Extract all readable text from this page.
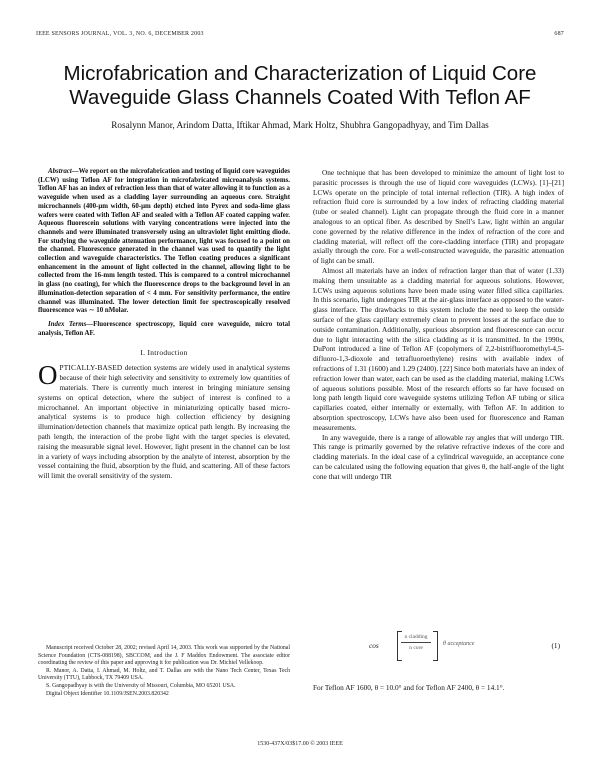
IEEE SENSORS JOURNAL, VOL. 3, NO. 6, DECEMBER 2003	687
Microfabrication and Characterization of Liquid Core
Waveguide Glass Channels Coated With Teflon AF
Rosalynn Manor, Arindom Datta, Iftikar Ahmad, Mark Holtz, Shubhra Gangopadhyay, and Tim Dallas

Abstract—We report on the microfabrication and testing of liquid core waveguides (LCW) using Teflon AF for integration in microfabricated microanalysis systems. Teflon AF has an index of refraction less than that of water allowing it to function as a waveguide when used as a cladding layer surrounding an aqueous core. Straight microchannels (400-μm width, 60-μm depth) etched into Pyrex and soda-lime glass wafers were coated with Teflon AF and sealed with a Teflon AF coated capping wafer. Aqueous fluorescein solutions with varying concentrations were injected into the channels and were illuminated transversely using an ultraviolet light emitting diode. For studying the waveguide attenuation performance, light was focused to a point on the channel. Fluorescence generated in the channel was used to quantify the light collection and waveguide characteristics. The Teflon coating produces a significant enhancement in the amount of light collected in the channel, allowing light to be collected from the 16-mm length tested. This is compared to a control microchannel in glass (no coating), for which the fluorescence drops to the background level in an illumination-detection separation of < 4 mm. For sensitivity performance, the entire channel was illuminated. The lower detection limit for spectroscopically resolved fluorescence was ∼ 10 nMolar.

Index Terms—Fluorescence spectroscopy, liquid core waveguide, micro total analysis, Teflon AF.

I. Introduction

OPTICALLY-BASED detection systems are widely used in analytical systems because of their high selectivity and sensitivity to extremely low quantities of materials. There is currently much interest in bringing miniature sensing systems on optical detection, where the subject of interest is confined to a microchannel. An important objective in miniaturizing optically based micro-analytical systems is to produce high collection efficiency by designing illumination/detection channels that maximize optical path length. By increasing the path length, the interaction of the probe light with the target species is elevated, raising the measurable signal level. However, light present in the channel can be lost in a variety of ways including absorption by the analyte of interest, absorption by the vessel containing the fluid, absorption by the fluid, and scattering. All of these factors will limit the overall sensitivity of the system.

Manuscript received October 28, 2002; revised April 14, 2003. This work was supported by the National Science Foundation (CTS-088198), SBCCOM, and the J. F Maddox Endowment. The associate editor coordinating the review of this paper and approving it for publication was Dr. Michiel Vellekoop.

R. Manor, A. Datta, I. Ahmad, M. Holtz, and T. Dallas are with the Nano Tech Center, Texas Tech University (TTU), Lubbock, TX 79409 USA.

S. Gangopadhyay is with the University of Missouri, Columbia, MO 65201 USA.

Digital Object Identifier 10.1109/JSEN.2003.820342

One technique that has been developed to minimize the amount of light lost to parasitic processes is through the use of liquid core waveguides (LCWs). [1]–[21] LCWs operate on the principle of total internal reflection (TIR). A high index of refraction fluid core is surrounded by a low index of refracting cladding material (tube or sealed channel). Light can propagate through the fluid core in a manner analogous to an optical fiber. As described by Snell’s Law, light within an angular cone governed by the relative difference in the index of refraction of the core and cladding material, will reflect off the core-cladding interface (TIR) and propagate axially through the core. For a well-constructed waveguide, the parasitic attenuation of light can be small.

Almost all materials have an index of refraction larger than that of water (1.33) making them unsuitable as a cladding material for aqueous solutions. However, LCWs using aqueous solutions have been made using water filled silica capillaries. In this scenario, light undergoes TIR at the air-glass interface as opposed to the water-glass interface. The drawbacks to this system include the need to keep the outside surface of the glass capillary extremely clean to prevent losses at the surface due to outside contamination. Additionally, spurious absorption and fluorescence can occur due to light interacting with the silica cladding as it is transmitted. In the 1990s, DuPont introduced a line of Teflon AF (copolymers of 2,2-bistrifluoromethyl-4,5-difluoro-1,3-dioxole and tetrafluoroethylene) resins with available index of refractions of 1.31 (1600) and 1.29 (2400). [22] Since both materials have an index of refraction lower than water, each can be used as the cladding material, making LCWs of aqueous solutions possible. Most of the research efforts so far have focused on long path length liquid core waveguide systems utilizing Teflon AF tubing or silica capillaries coated, either internally or externally, with Teflon AF. In addition to absorption spectroscopy, LCWs have also been used for fluorescence and Raman measurements.

In any waveguide, there is a range of allowable ray angles that will undergo TIR. This range is primarily governed by the relative refractive indexes of the core and cladding materials. In the ideal case of a cylindrical waveguide, an acceptance cone can be calculated using the following equation that gives θ, the half-angle of the light cone that will undergo TIR

cos
n cladding
n core
θ acceptance	(1)
For Teflon AF 1600, θ = 10.0° and for Teflon AF 2400, θ = 14.1°.
1530-437X/03$17.00 © 2003 IEEE
